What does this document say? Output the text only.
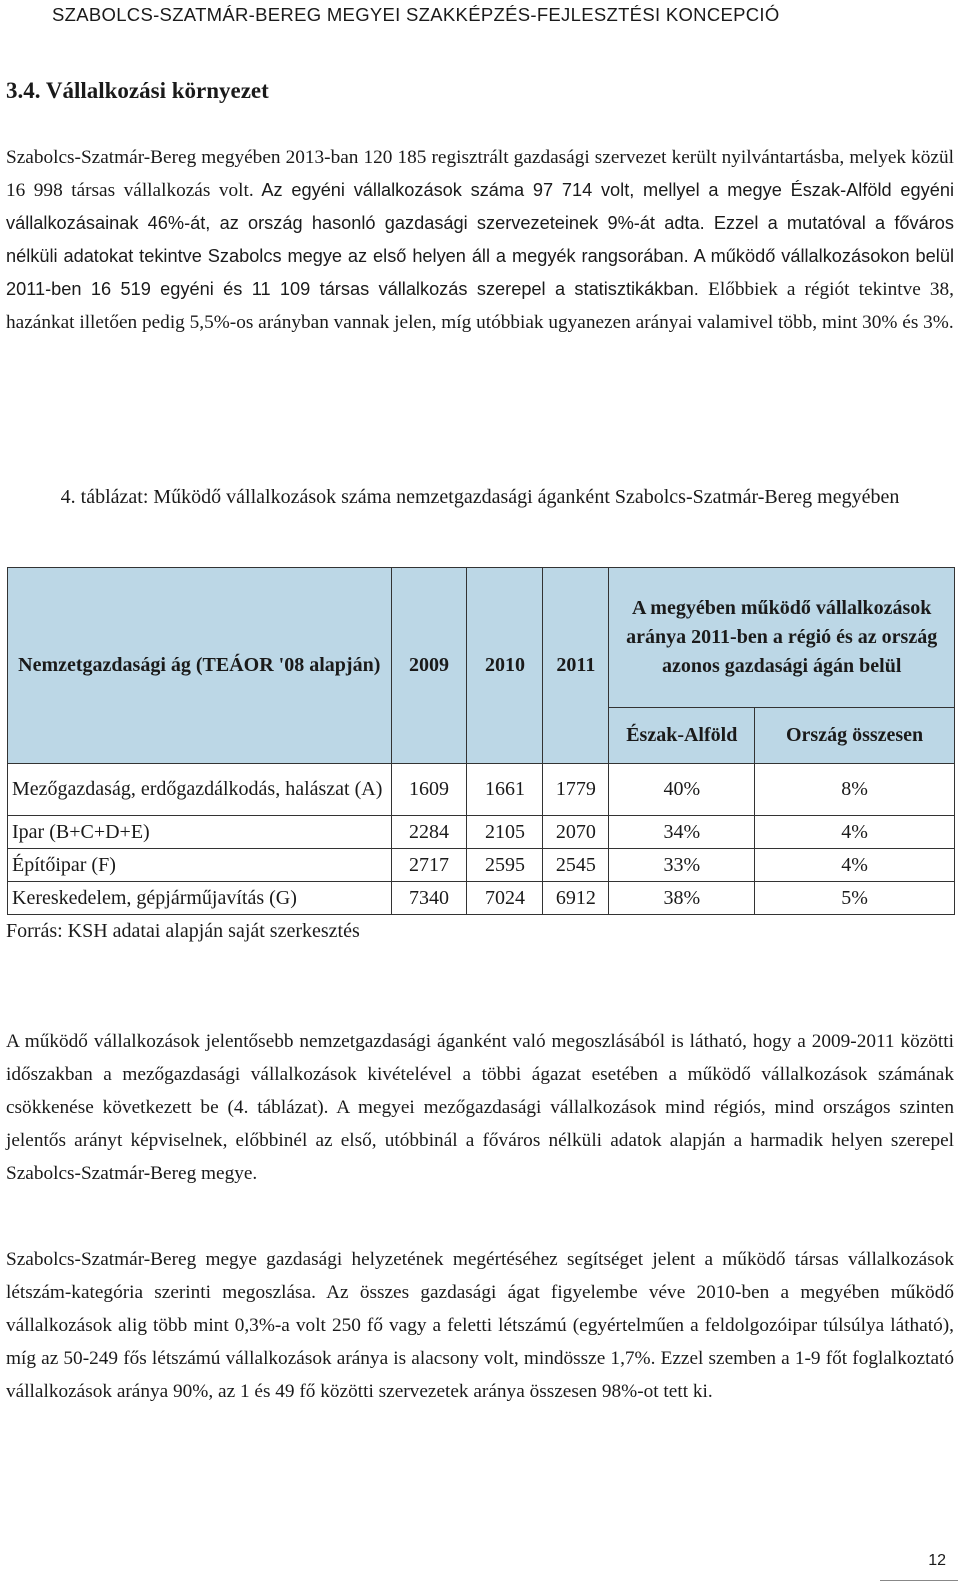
SZABOLCS-SZATMÁR-BEREG MEGYEI SZAKKÉPZÉS-FEJLESZTÉSI KONCEPCIÓ
3.4. Vállalkozási környezet

Szabolcs-Szatmár-Bereg megyében 2013-ban 120 185 regisztrált gazdasági szervezet került nyilvántartásba, melyek közül 16 998 társas vállalkozás volt. Az egyéni vállalkozások száma 97 714 volt, mellyel a megye Észak-Alföld egyéni vállalkozásainak 46%-át, az ország hasonló gazdasági szervezeteinek 9%-át adta. Ezzel a mutatóval a főváros nélküli adatokat tekintve Szabolcs megye az első helyen áll a megyék rangsorában. A működő vállalkozásokon belül 2011-ben 16 519 egyéni és 11 109 társas vállalkozás szerepel a statisztikákban. Előbbiek a régiót tekintve 38, hazánkat illetően pedig 5,5%-os arányban vannak jelen, míg utóbbiak ugyanezen arányai valamivel több, mint 30% és 3%.

4. táblázat: Működő vállalkozások száma nemzetgazdasági áganként Szabolcs-Szatmár-Bereg megyében
Nemzetgazdasági ág (TEÁOR '08 alapján)	2009	2010	2011	A megyében működő vállalkozások aránya 2011-ben a régió és az ország azonos gazdasági ágán belül	
				Észak-Alföld	Ország összesen
Mezőgazdaság, erdőgazdálkodás, halászat (A)	1609	1661	1779	40%	8%
Ipar (B+C+D+E)	2284	2105	2070	34%	4%
Építőipar (F)	2717	2595	2545	33%	4%
Kereskedelem, gépjárműjavítás (G)	7340	7024	6912	38%	5%
Forrás: KSH adatai alapján saját szerkesztés

A működő vállalkozások jelentősebb nemzetgazdasági áganként való megoszlásából is látható, hogy a 2009-2011 közötti időszakban a mezőgazdasági vállalkozások kivételével a többi ágazat esetében a működő vállalkozások számának csökkenése következett be (4. táblázat). A megyei mezőgazdasági vállalkozások mind régiós, mind országos szinten jelentős arányt képviselnek, előbbinél az első, utóbbinál a főváros nélküli adatok alapján a harmadik helyen szerepel Szabolcs-Szatmár-Bereg megye.

Szabolcs-Szatmár-Bereg megye gazdasági helyzetének megértéséhez segítséget jelent a működő társas vállalkozások létszám-kategória szerinti megoszlása. Az összes gazdasági ágat figyelembe véve 2010-ben a megyében működő vállalkozások alig több mint 0,3%-a volt 250 fő vagy a feletti létszámú (egyértelműen a feldolgozóipar túlsúlya látható), míg az 50-249 fős létszámú vállalkozások aránya is alacsony volt, mindössze 1,7%. Ezzel szemben a 1-9 főt foglalkoztató vállalkozások aránya 90%, az 1 és 49 fő közötti szervezetek aránya összesen 98%-ot tett ki.

12
